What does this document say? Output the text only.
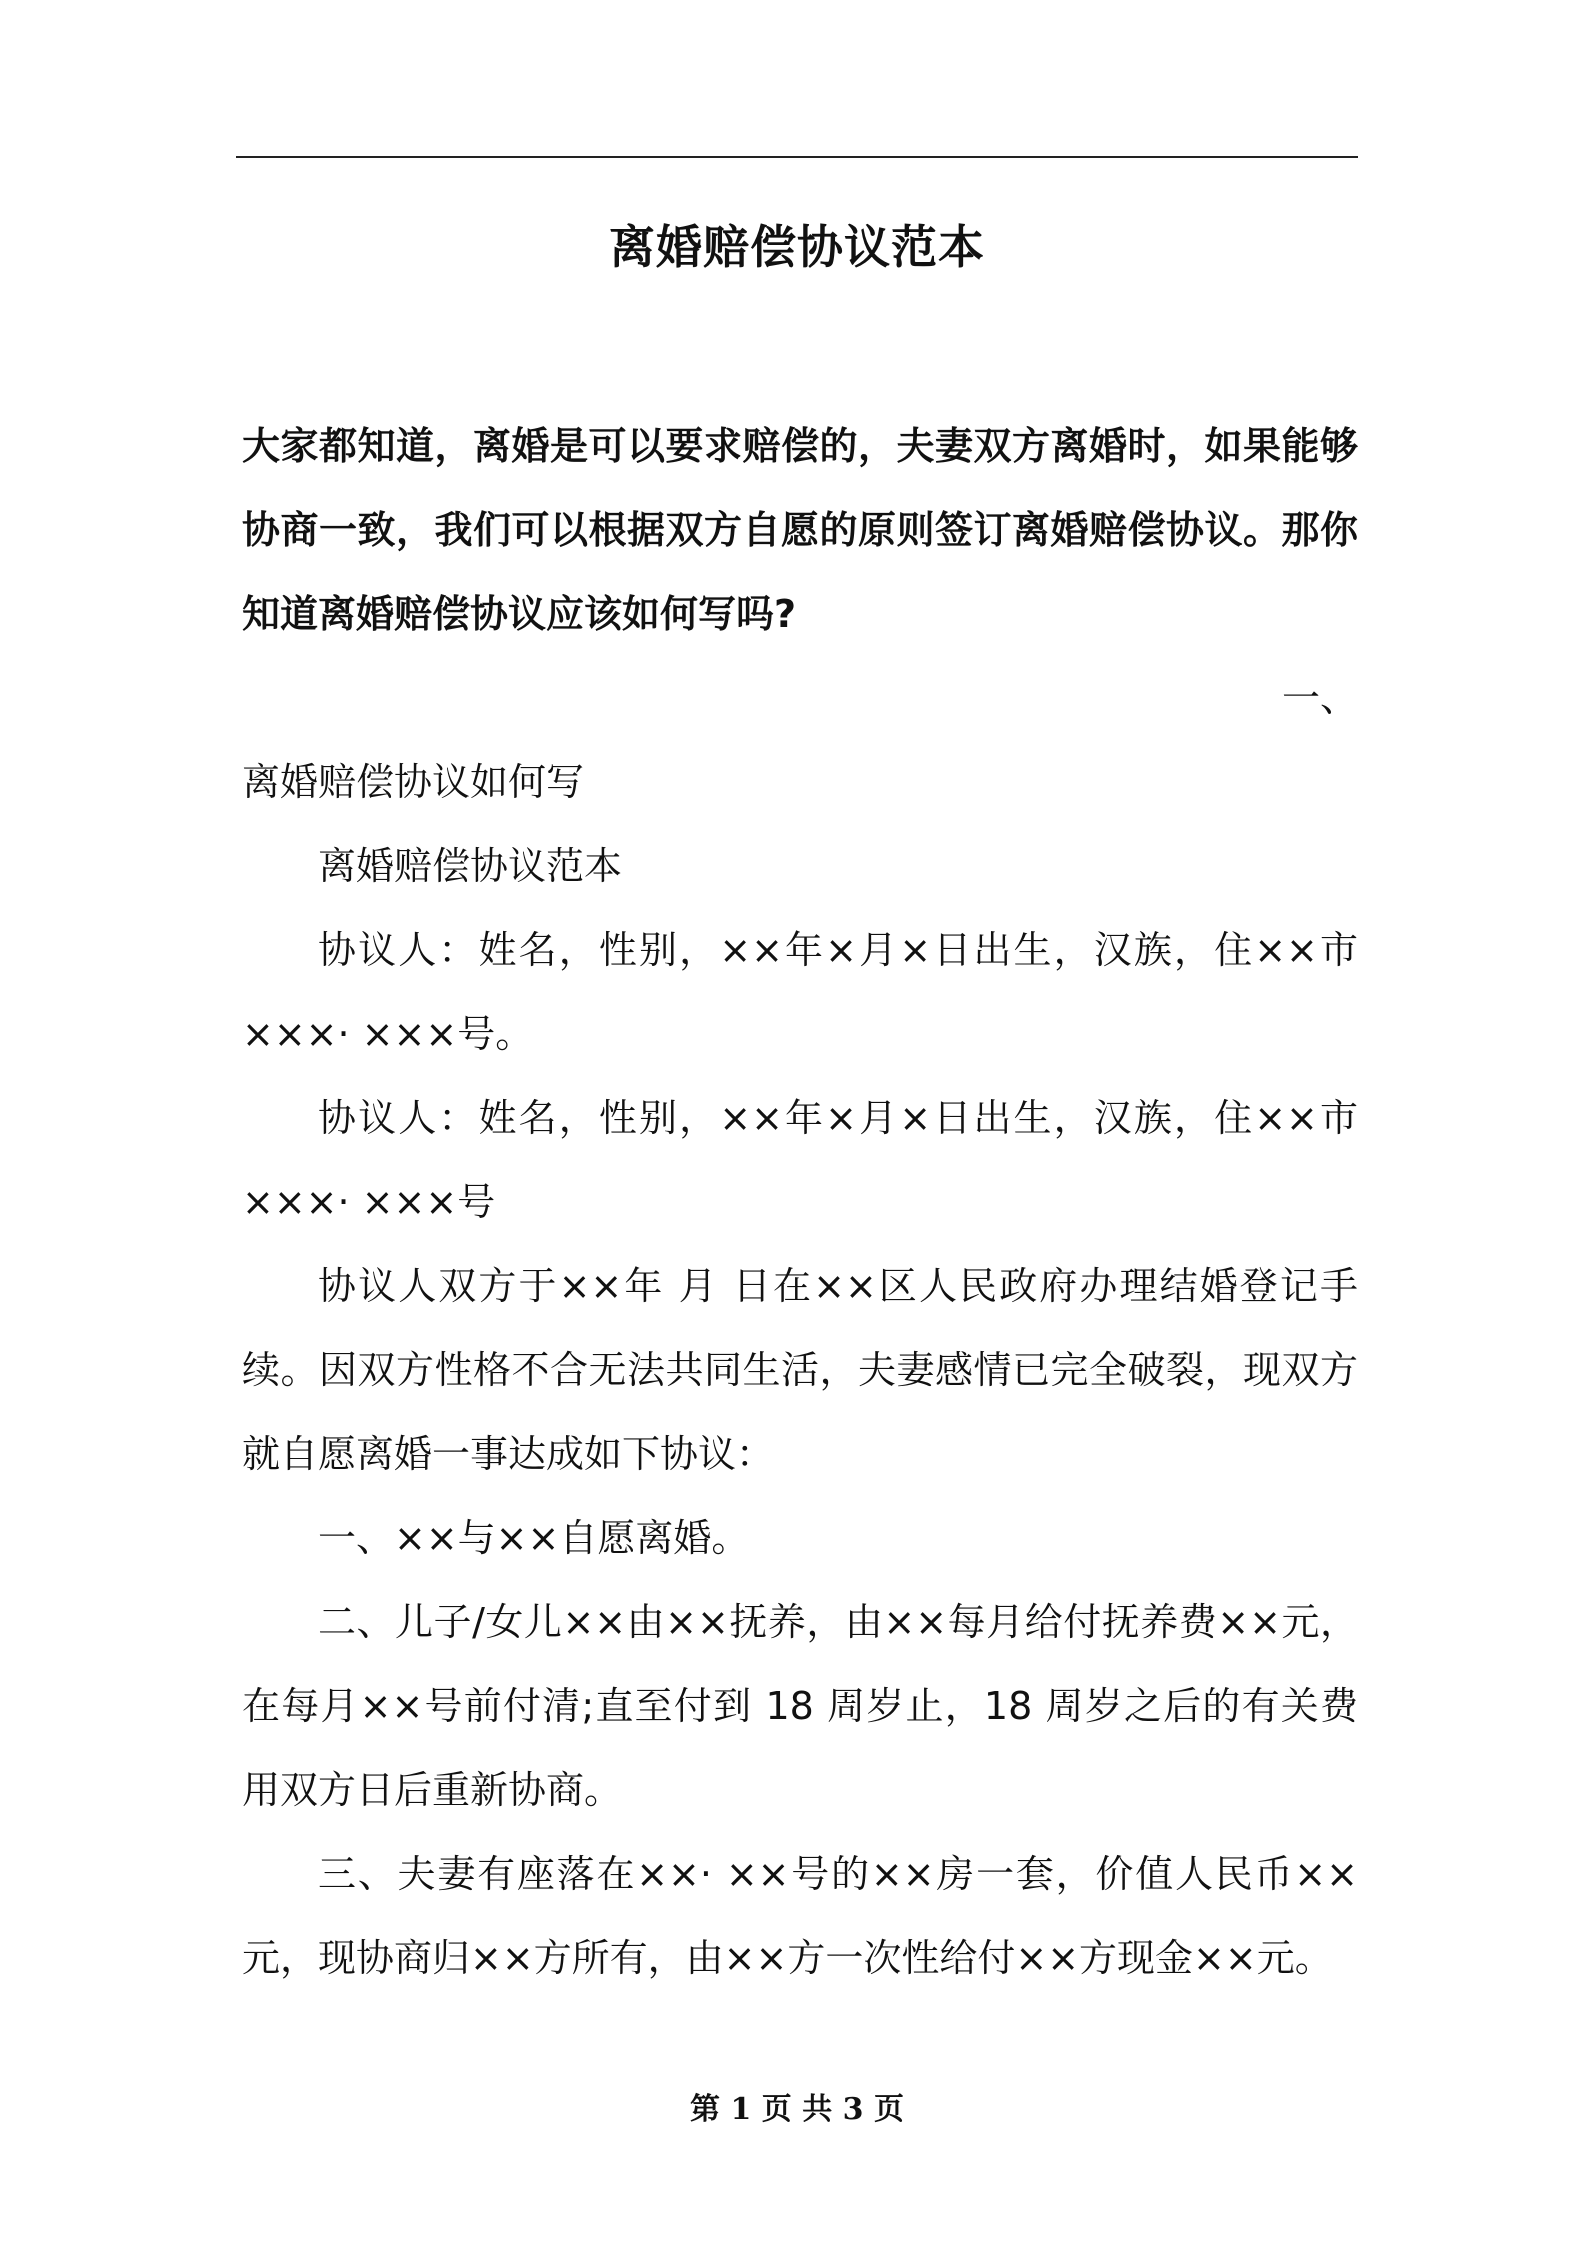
离婚赔偿协议范本

大家都知道，离婚是可以要求赔偿的，夫妻双方离婚时，如果能够协商一致，我们可以根据双方自愿的原则签订离婚赔偿协议。那你知道离婚赔偿协议应该如何写吗?

一、

离婚赔偿协议如何写

离婚赔偿协议范本

协议人：姓名，性别，××年×月×日出生，汉族，住××市×××· ×××号。

协议人：姓名，性别，××年×月×日出生，汉族，住××市×××· ×××号

协议人双方于××年 月 日在××区人民政府办理结婚登记手续。因双方性格不合无法共同生活，夫妻感情已完全破裂，现双方就自愿离婚一事达成如下协议：

一、××与××自愿离婚。

二、儿子/女儿××由××抚养，由××每月给付抚养费××元，在每月××号前付清;直至付到 18 周岁止，18 周岁之后的有关费用双方日后重新协商。

三、夫妻有座落在××· ××号的××房一套，价值人民币××元，现协商归××方所有，由××方一次性给付××方现金××元。

第 1 页 共 3 页
